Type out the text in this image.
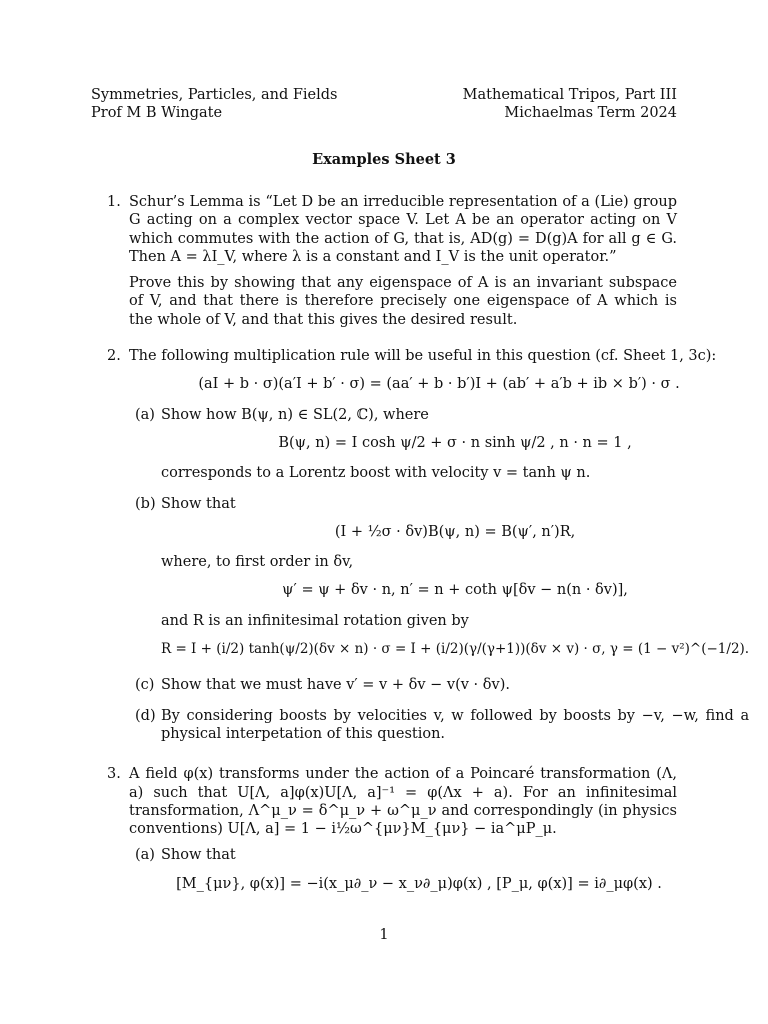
Symmetries, Particles, and Fields
Prof M B Wingate
Mathematical Tripos, Part III
Michaelmas Term 2024
Examples Sheet 3
1. Schur’s Lemma is “Let D be an irreducible representation of a (Lie) group G acting on a complex vector space V. Let A be an operator acting on V which commutes with the action of G, that is, AD(g) = D(g)A for all g ∈ G. Then A = λI_V, where λ is a constant and I_V is the unit operator.”

Prove this by showing that any eigenspace of A is an invariant subspace of V, and that there is therefore precisely one eigenspace of A which is the whole of V, and that this gives the desired result.

2. The following multiplication rule will be useful in this question (cf. Sheet 1, 3c):

(aI + b · σ)(a′I + b′ · σ) = (aa′ + b · b′)I + (ab′ + a′b + ib × b′) · σ .
(a) Show how B(ψ, n) ∈ SL(2, ℂ), where

B(ψ, n) = I cosh ψ/2 + σ · n sinh ψ/2 , n · n = 1 ,

corresponds to a Lorentz boost with velocity v = tanh ψ n.

(b) Show that

(I + ½σ · δv)B(ψ, n) = B(ψ′, n′)R,

where, to first order in δv,

ψ′ = ψ + δv · n, n′ = n + coth ψ[δv − n(n · δv)],

and R is an infinitesimal rotation given by

R = I + (i/2) tanh(ψ/2)(δv × n) · σ = I + (i/2)(γ/(γ+1))(δv × v) · σ, γ = (1 − v²)^(−1/2).
(c) Show that we must have v′ = v + δv − v(v · δv).

(d) By considering boosts by velocities v, w followed by boosts by −v, −w, find a physical interpetation of this question.

3. A field φ(x) transforms under the action of a Poincaré transformation (Λ, a) such that U[Λ, a]φ(x)U[Λ, a]⁻¹ = φ(Λx + a). For an infinitesimal transformation, Λ^μ_ν = δ^μ_ν + ω^μ_ν and correspondingly (in physics conventions) U[Λ, a] = 1 − i½ω^{μν}M_{μν} − ia^μP_μ.

(a) Show that

[M_{μν}, φ(x)] = −i(x_μ∂_ν − x_ν∂_μ)φ(x) , [P_μ, φ(x)] = i∂_μφ(x) .
1
